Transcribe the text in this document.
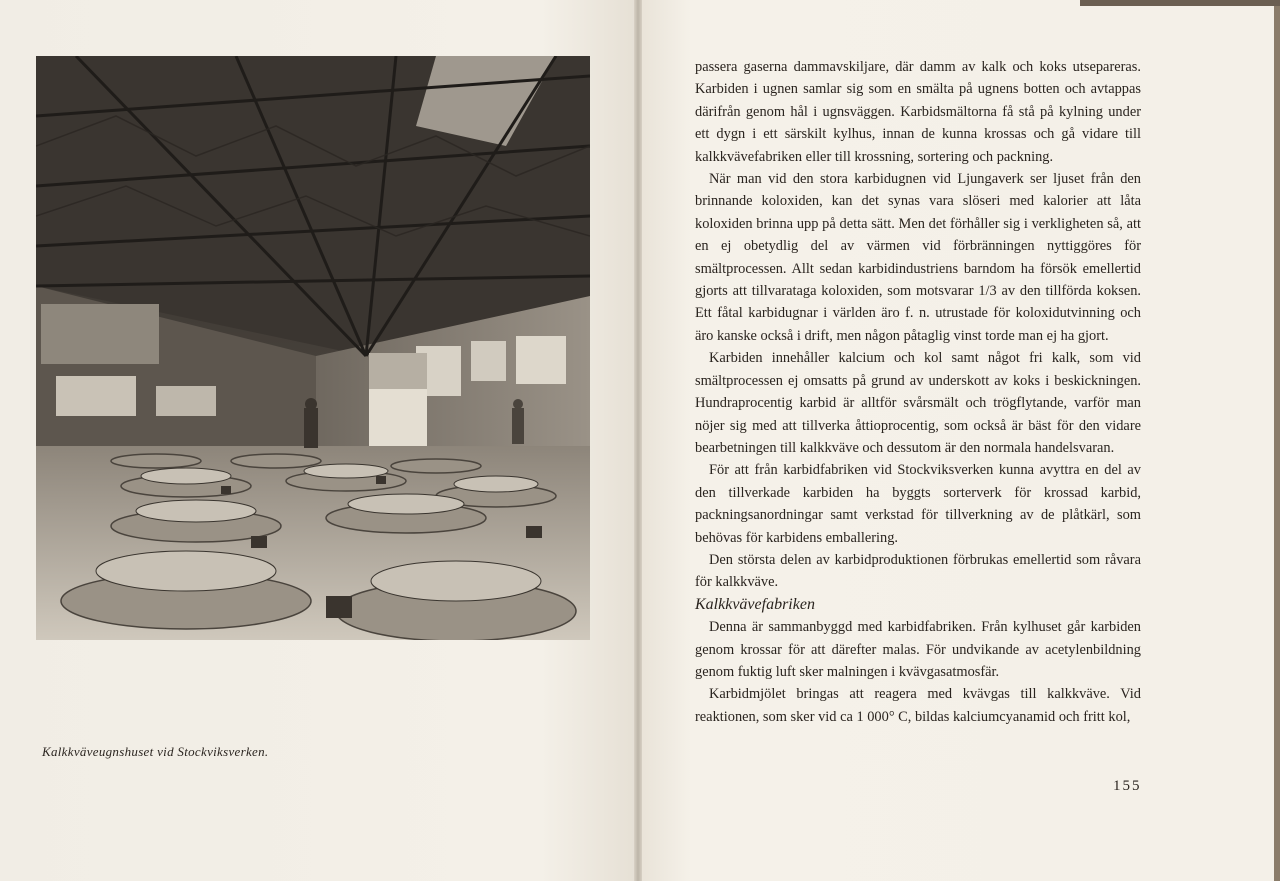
Kalkkväveugnshuset vid Stockviksverken.

passera gaserna dammavskiljare, där damm av kalk och koks utsepareras. Karbiden i ugnen samlar sig som en smälta på ugnens botten och avtappas därifrån genom hål i ugnsväggen. Karbidsmältorna få stå på kylning under ett dygn i ett särskilt kylhus, innan de kunna krossas och gå vidare till kalkkvävefabriken eller till krossning, sortering och packning.

När man vid den stora karbidugnen vid Ljungaverk ser ljuset från den brinnande koloxiden, kan det synas vara slöseri med kalorier att låta koloxiden brinna upp på detta sätt. Men det förhåller sig i verkligheten så, att en ej obetydlig del av värmen vid förbränningen nyttiggöres för smältprocessen. Allt sedan karbidindustriens barndom ha försök emellertid gjorts att tillvarataga koloxiden, som motsvarar 1/3 av den tillförda koksen. Ett fåtal karbidugnar i världen äro f. n. utrustade för koloxidutvinning och äro kanske också i drift, men någon påtaglig vinst torde man ej ha gjort.

Karbiden innehåller kalcium och kol samt något fri kalk, som vid smältprocessen ej omsatts på grund av underskott av koks i beskickningen. Hundraprocentig karbid är alltför svårsmält och trögflytande, varför man nöjer sig med att tillverka åttioprocentig, som också är bäst för den vidare bearbetningen till kalkkväve och dessutom är den normala handelsvaran.

För att från karbidfabriken vid Stockviksverken kunna avyttra en del av den tillverkade karbiden ha byggts sorterverk för krossad karbid, packningsanordningar samt verkstad för tillverkning av de plåtkärl, som behövas för karbidens emballering.

Den största delen av karbidproduktionen förbrukas emellertid som råvara för kalkkväve.

Kalkkvävefabriken

Denna är sammanbyggd med karbidfabriken. Från kylhuset går karbiden genom krossar för att därefter malas. För undvikande av acetylenbildning genom fuktig luft sker malningen i kvävgasatmosfär.

Karbidmjölet bringas att reagera med kvävgas till kalkkväve. Vid reaktionen, som sker vid ca 1 000° C, bildas kalciumcyanamid och fritt kol,

155
